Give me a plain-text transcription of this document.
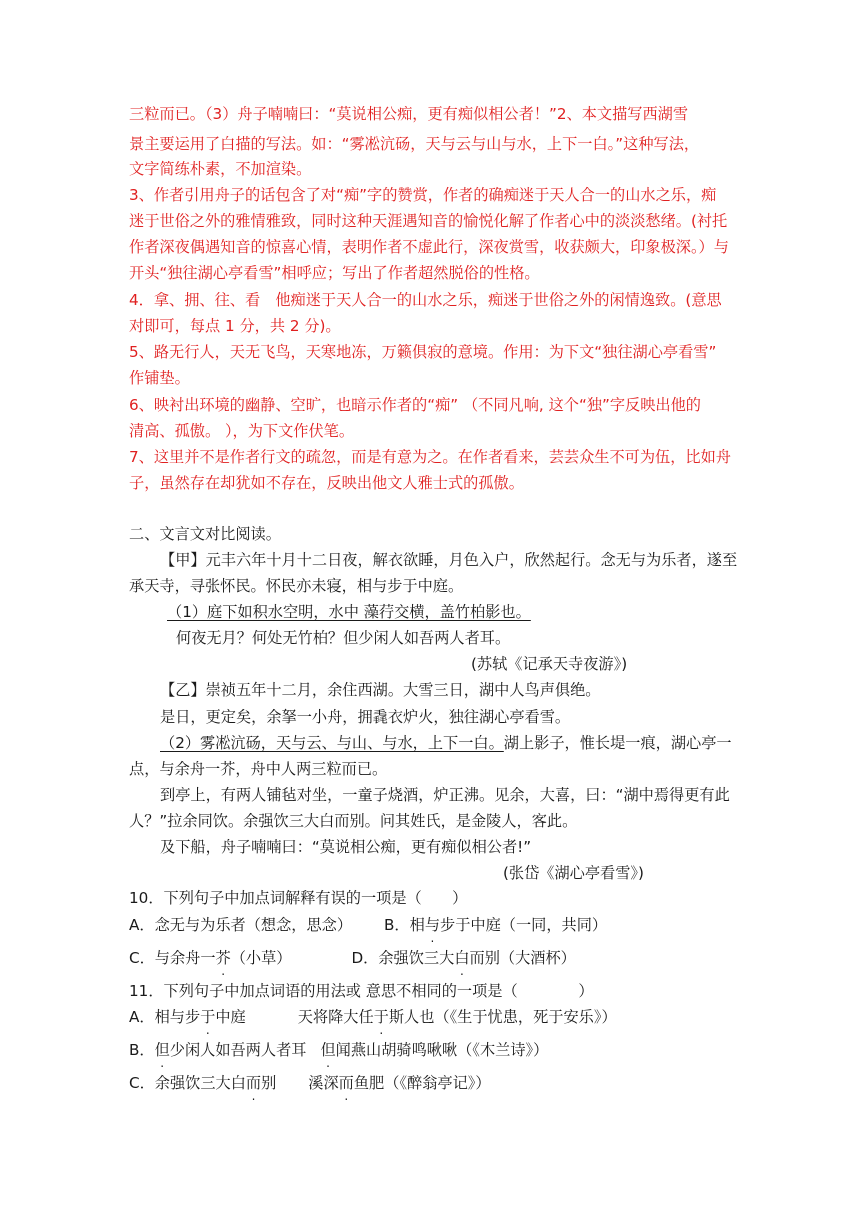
三粒而已。（3）舟子喃喃曰：“莫说相公痴，更有痴似相公者！”2、本文描写西湖雪
景主要运用了白描的写法。如：“雾凇沆砀，天与云与山与水，上下一白。”这种写法，
文字简练朴素，不加渲染。
3、作者引用舟子的话包含了对“痴”字的赞赏，作者的确痴迷于天人合一的山水之乐，痴
迷于世俗之外的雅情雅致，同时这种天涯遇知音的愉悦化解了作者心中的淡淡愁绪。(衬托
作者深夜偶遇知音的惊喜心情，表明作者不虚此行，深夜赏雪，收获颇大，印象极深。）与
开头“独往湖心亭看雪”相呼应；写出了作者超然脱俗的性格。
4．拿、拥、往、看　他痴迷于天人合一的山水之乐，痴迷于世俗之外的闲情逸致。(意思
对即可，每点 1 分，共 2 分)。
5、路无行人，天无飞鸟，天寒地冻，万籁俱寂的意境。作用：为下文“独往湖心亭看雪”
作铺垫。
6、映衬出环境的幽静、空旷，也暗示作者的“痴” （不同凡响, 这个“独”字反映出他的
清高、孤傲。 ），为下文作伏笔。
7、这里并不是作者行文的疏忽，而是有意为之。在作者看来，芸芸众生不可为伍，比如舟
子，虽然存在却犹如不存在，反映出他文人雅士式的孤傲。
二、文言文对比阅读。
【甲】元丰六年十月十二日夜，解衣欲睡，月色入户，欣然起行。念无与为乐者，遂至
承天寺，寻张怀民。怀民亦未寝，相与步于中庭。
（1）庭下如积水空明，水中 藻荇交横，盖竹柏影也。
何夜无月？何处无竹柏？但少闲人如吾两人者耳。
(苏轼《记承天寺夜游》)
【乙】崇祯五年十二月，余住西湖。大雪三日，湖中人鸟声俱绝。
是日，更定矣，余拏一小舟，拥毳衣炉火，独往湖心亭看雪。
（2）雾凇沆砀，天与云、与山、与水，上下一白。湖上影子，惟长堤一痕，湖心亭一
点，与余舟一芥，舟中人两三粒而已。
到亭上，有两人铺毡对坐，一童子烧酒，炉正沸。见余，大喜，曰：“湖中焉得更有此
人？”拉余同饮。余强饮三大白而别。问其姓氏，是金陵人，客此。
及下船，舟子喃喃曰：“莫说相公痴，更有痴似相公者!”
(张岱《湖心亭看雪》)
10．下列句子中加点词解释有误的一项是（　　）
A．念无与为乐者（想念，思念） B．相与步于中庭（一同，共同）
C．与余舟一芥（小草）	D．余强饮三大白而别（大酒杯）
11．下列句子中加点词语的用法或 意思不相同的一项是（　　　　）
A．相与步于中庭	天将降大任于斯人也（《生于忧患，死于安乐》）
B．但少闲人如吾两人者耳 但闻燕山胡骑鸣啾啾（《木兰诗》）
C．余强饮三大白而别 溪深而鱼肥（《醉翁亭记》）
